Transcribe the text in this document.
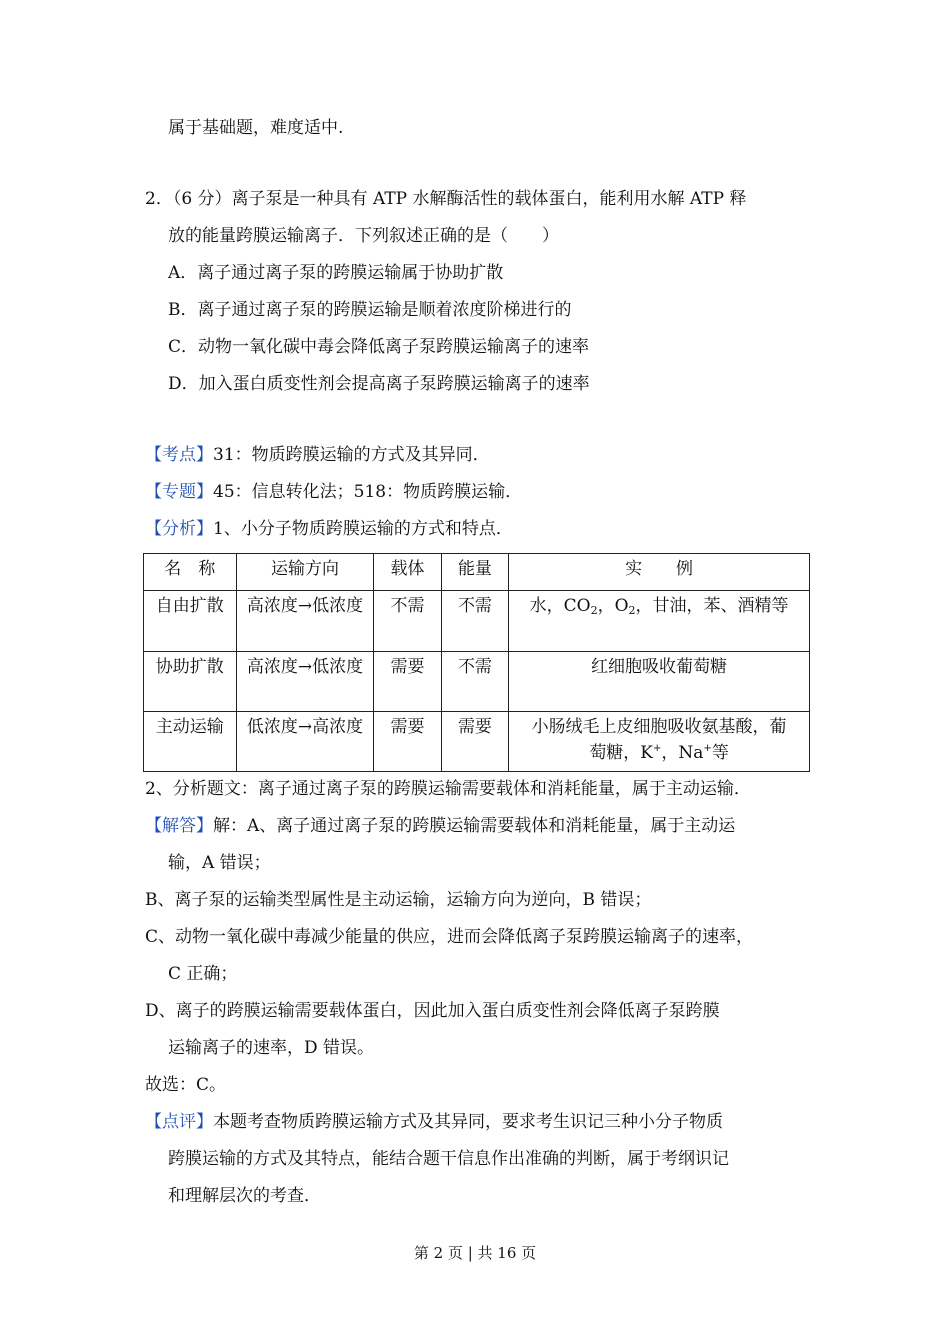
属于基础题，难度适中.
2．（6 分）离子泵是一种具有 ATP 水解酶活性的载体蛋白，能利用水解 ATP 释
放的能量跨膜运输离子．下列叙述正确的是（　　）
A．离子通过离子泵的跨膜运输属于协助扩散
B．离子通过离子泵的跨膜运输是顺着浓度阶梯进行的
C．动物一氧化碳中毒会降低离子泵跨膜运输离子的速率
D．加入蛋白质变性剂会提高离子泵跨膜运输离子的速率
【考点】31：物质跨膜运输的方式及其异同．
【专题】45：信息转化法；518：物质跨膜运输．
【分析】1、小分子物质跨膜运输的方式和特点．
名　称	运输方向	载体	能量	实　　例
自由扩散	高浓度→低浓度	不需	不需	水，$CO_2$，$O_2$，甘油，苯、酒精等
协助扩散	高浓度→低浓度	需要	不需	红细胞吸收葡萄糖
主动运输	低浓度→高浓度	需要	需要	小肠绒毛上皮细胞吸收氨基酸，葡
萄糖，K+，Na+等
2、分析题文：离子通过离子泵的跨膜运输需要载体和消耗能量，属于主动运输．
【解答】解：A、离子通过离子泵的跨膜运输需要载体和消耗能量，属于主动运
输，A 错误；
B、离子泵的运输类型属性是主动运输，运输方向为逆向，B 错误；
C、动物一氧化碳中毒减少能量的供应，进而会降低离子泵跨膜运输离子的速率，
C 正确；
D、离子的跨膜运输需要载体蛋白，因此加入蛋白质变性剂会降低离子泵跨膜
运输离子的速率，D 错误。
故选：C。
【点评】本题考查物质跨膜运输方式及其异同，要求考生识记三种小分子物质
跨膜运输的方式及其特点，能结合题干信息作出准确的判断，属于考纲识记
和理解层次的考查．
第 2 页 | 共 16 页
